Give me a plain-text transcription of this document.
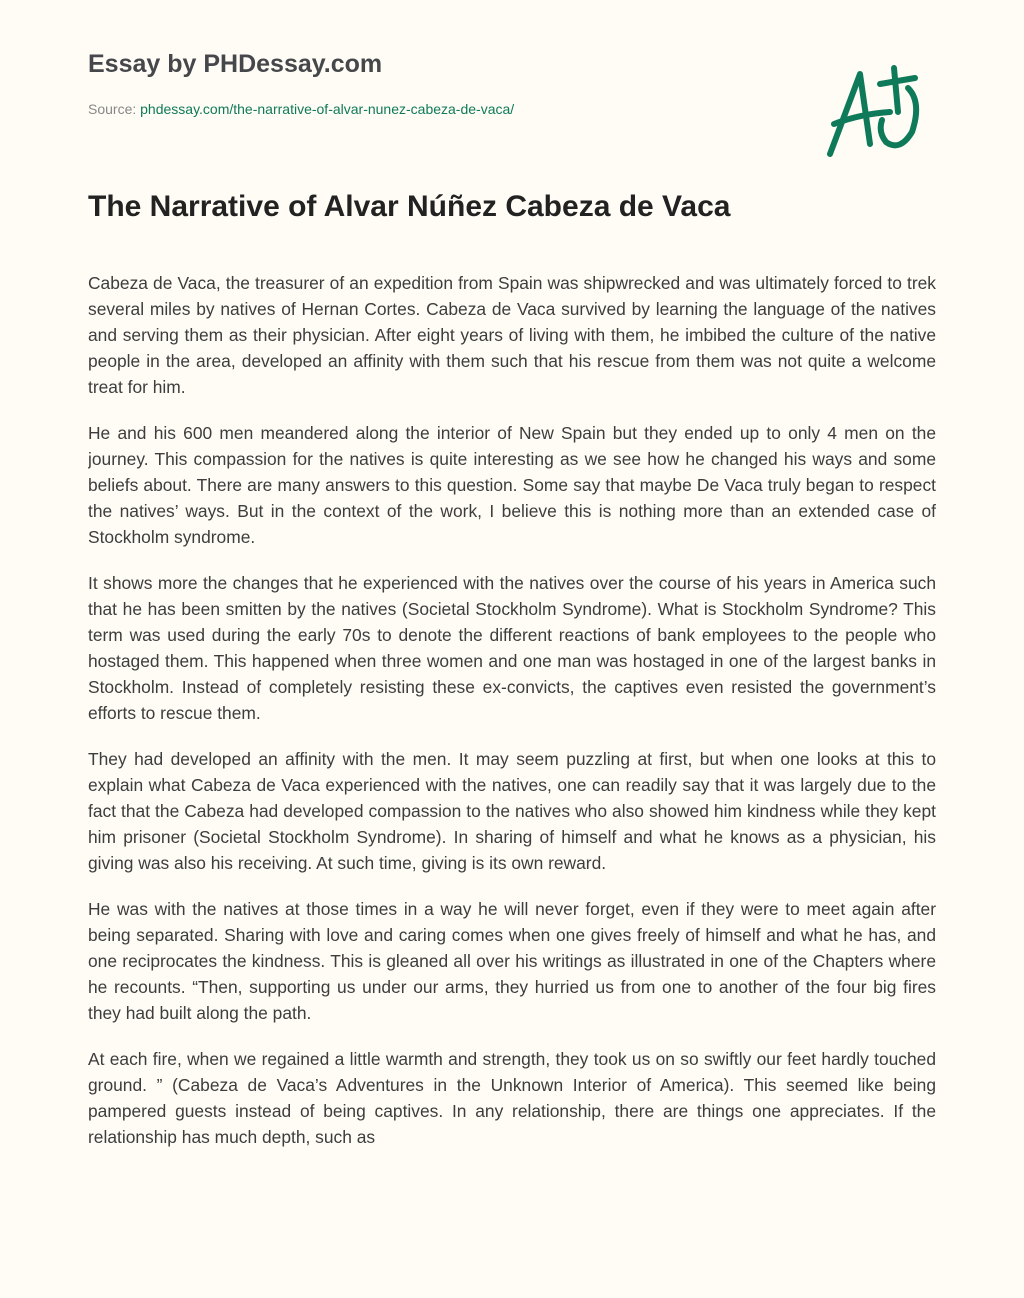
Essay by PHDessay.com
Source: phdessay.com/the-narrative-of-alvar-nunez-cabeza-de-vaca/
The Narrative of Alvar Núñez Cabeza de Vaca

Cabeza de Vaca, the treasurer of an expedition from Spain was shipwrecked and was ultimately forced to trek several miles by natives of Hernan Cortes. Cabeza de Vaca survived by learning the language of the natives and serving them as their physician. After eight years of living with them, he imbibed the culture of the native people in the area, developed an affinity with them such that his rescue from them was not quite a welcome treat for him.

He and his 600 men meandered along the interior of New Spain but they ended up to only 4 men on the journey. This compassion for the natives is quite interesting as we see how he changed his ways and some beliefs about. There are many answers to this question. Some say that maybe De Vaca truly began to respect the natives’ ways. But in the context of the work, I believe this is nothing more than an extended case of Stockholm syndrome.

It shows more the changes that he experienced with the natives over the course of his years in America such that he has been smitten by the natives (Societal Stockholm Syndrome). What is Stockholm Syndrome? This term was used during the early 70s to denote the different reactions of bank employees to the people who hostaged them. This happened when three women and one man was hostaged in one of the largest banks in Stockholm. Instead of completely resisting these ex-convicts, the captives even resisted the government’s efforts to rescue them.

They had developed an affinity with the men. It may seem puzzling at first, but when one looks at this to explain what Cabeza de Vaca experienced with the natives, one can readily say that it was largely due to the fact that the Cabeza had developed compassion to the natives who also showed him kindness while they kept him prisoner (Societal Stockholm Syndrome). In sharing of himself and what he knows as a physician, his giving was also his receiving. At such time, giving is its own reward.

He was with the natives at those times in a way he will never forget, even if they were to meet again after being separated. Sharing with love and caring comes when one gives freely of himself and what he has, and one reciprocates the kindness. This is gleaned all over his writings as illustrated in one of the Chapters where he recounts. “Then, supporting us under our arms, they hurried us from one to another of the four big fires they had built along the path.

At each fire, when we regained a little warmth and strength, they took us on so swiftly our feet hardly touched ground. ” (Cabeza de Vaca’s Adventures in the Unknown Interior of America). This seemed like being pampered guests instead of being captives. In any relationship, there are things one appreciates. If the relationship has much depth, such as
